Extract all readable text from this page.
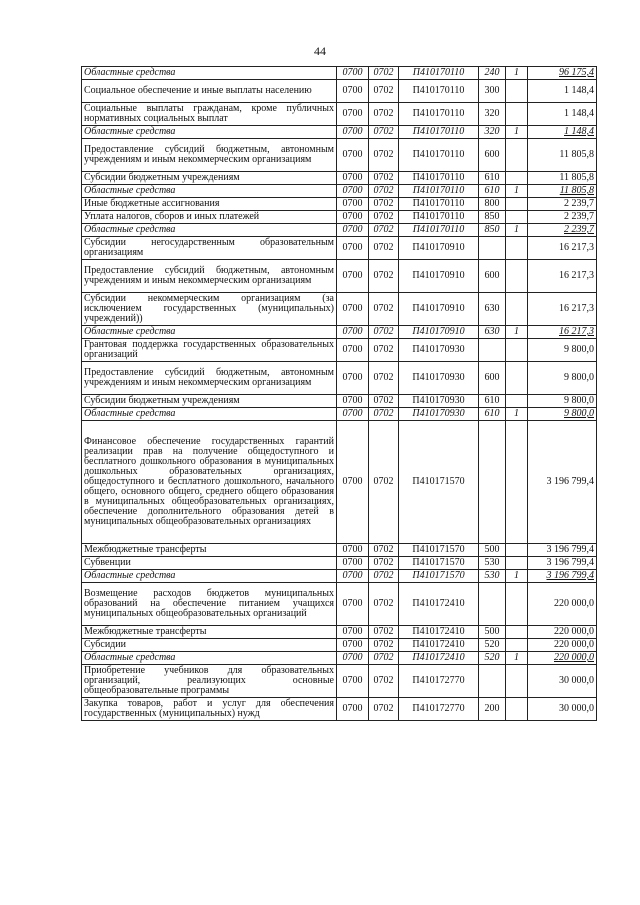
44
Областные средства	0700	0702	П410170110	240	1	96 175,4
Социальное обеспечение и иные выплаты населению	0700	0702	П410170110	300		1 148,4
Социальные выплаты гражданам, кроме публичных нормативных социальных выплат	0700	0702	П410170110	320		1 148,4
Областные средства	0700	0702	П410170110	320	1	1 148,4
Предоставление субсидий бюджетным, автономным учреждениям и иным некоммерческим организациям	0700	0702	П410170110	600		11 805,8
Субсидии бюджетным учреждениям	0700	0702	П410170110	610		11 805,8
Областные средства	0700	0702	П410170110	610	1	11 805,8
Иные бюджетные ассигнования	0700	0702	П410170110	800		2 239,7
Уплата налогов, сборов и иных платежей	0700	0702	П410170110	850		2 239,7
Областные средства	0700	0702	П410170110	850	1	2 239,7
Субсидии негосударственным образовательным организациям	0700	0702	П410170910			16 217,3
Предоставление субсидий бюджетным, автономным учреждениям и иным некоммерческим организациям	0700	0702	П410170910	600		16 217,3
Субсидии некоммерческим организациям (за исключением государственных (муниципальных) учреждений))	0700	0702	П410170910	630		16 217,3
Областные средства	0700	0702	П410170910	630	1	16 217,3
Грантовая поддержка государственных образовательных организаций	0700	0702	П410170930			9 800,0
Предоставление субсидий бюджетным, автономным учреждениям и иным некоммерческим организациям	0700	0702	П410170930	600		9 800,0
Субсидии бюджетным учреждениям	0700	0702	П410170930	610		9 800,0
Областные средства	0700	0702	П410170930	610	1	9 800,0
Финансовое обеспечение государственных гарантий реализации прав на получение общедоступного и бесплатного дошкольного образования в муниципальных дошкольных образовательных организациях, общедоступного и бесплатного дошкольного, начального общего, основного общего, среднего общего образования в муниципальных общеобразовательных организациях, обеспечение дополнительного образования детей в муниципальных общеобразовательных организациях	0700	0702	П410171570			3 196 799,4
Межбюджетные трансферты	0700	0702	П410171570	500		3 196 799,4
Субвенции	0700	0702	П410171570	530		3 196 799,4
Областные средства	0700	0702	П410171570	530	1	3 196 799,4
Возмещение расходов бюджетов муниципальных образований на обеспечение питанием учащихся муниципальных общеобразовательных организаций	0700	0702	П410172410			220 000,0
Межбюджетные трансферты	0700	0702	П410172410	500		220 000,0
Субсидии	0700	0702	П410172410	520		220 000,0
Областные средства	0700	0702	П410172410	520	1	220 000,0
Приобретение учебников для образовательных организаций, реализующих основные общеобразовательные программы	0700	0702	П410172770			30 000,0
Закупка товаров, работ и услуг для обеспечения государственных (муниципальных) нужд	0700	0702	П410172770	200		30 000,0
